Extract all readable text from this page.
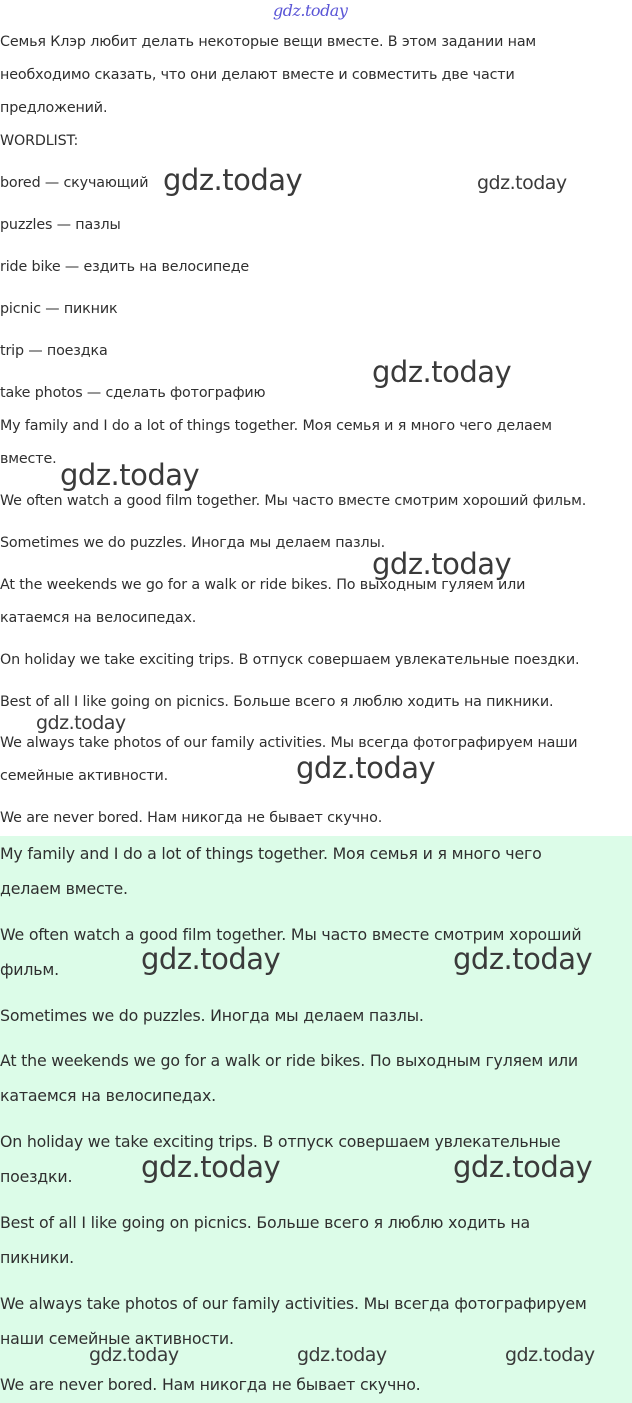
gdz.today

Семья Клэр любит делать некоторые вещи вместе. В этом задании нам

необходимо сказать, что они делают вместе и совместить две части

предложений.

WORDLIST:

bored — скучающий

puzzles — пазлы

ride bike — ездить на велосипеде

picnic — пикник

trip — поездка

take photos — сделать фотографию

My family and I do a lot of things together. Моя семья и я много чего делаем

вместе.

We often watch a good film together. Мы часто вместе смотрим хороший фильм.

Sometimes we do puzzles. Иногда мы делаем пазлы.

At the weekends we go for a walk or ride bikes. По выходным гуляем или

катаемся на велосипедах.

On holiday we take exciting trips. В отпуск совершаем увлекательные поездки.

Best of all I like going on picnics. Больше всего я люблю ходить на пикники.

We always take photos of our family activities. Мы всегда фотографируем наши

семейные активности.

We are never bored. Нам никогда не бывает скучно.

My family and I do a lot of things together. Моя семья и я много чего

делаем вместе.

We often watch a good film together. Мы часто вместе смотрим хороший

фильм.

Sometimes we do puzzles. Иногда мы делаем пазлы.

At the weekends we go for a walk or ride bikes. По выходным гуляем или

катаемся на велосипедах.

On holiday we take exciting trips. В отпуск совершаем увлекательные

поездки.

Best of all I like going on picnics. Больше всего я люблю ходить на

пикники.

We always take photos of our family activities. Мы всегда фотографируем

наши семейные активности.

We are never bored. Нам никогда не бывает скучно.

gdz.today	gdz.today
gdz.today
gdz.today
gdz.today
gdz.today
gdz.today
gdz.today	gdz.today
gdz.today	gdz.today
gdz.today	gdz.today	gdz.today
